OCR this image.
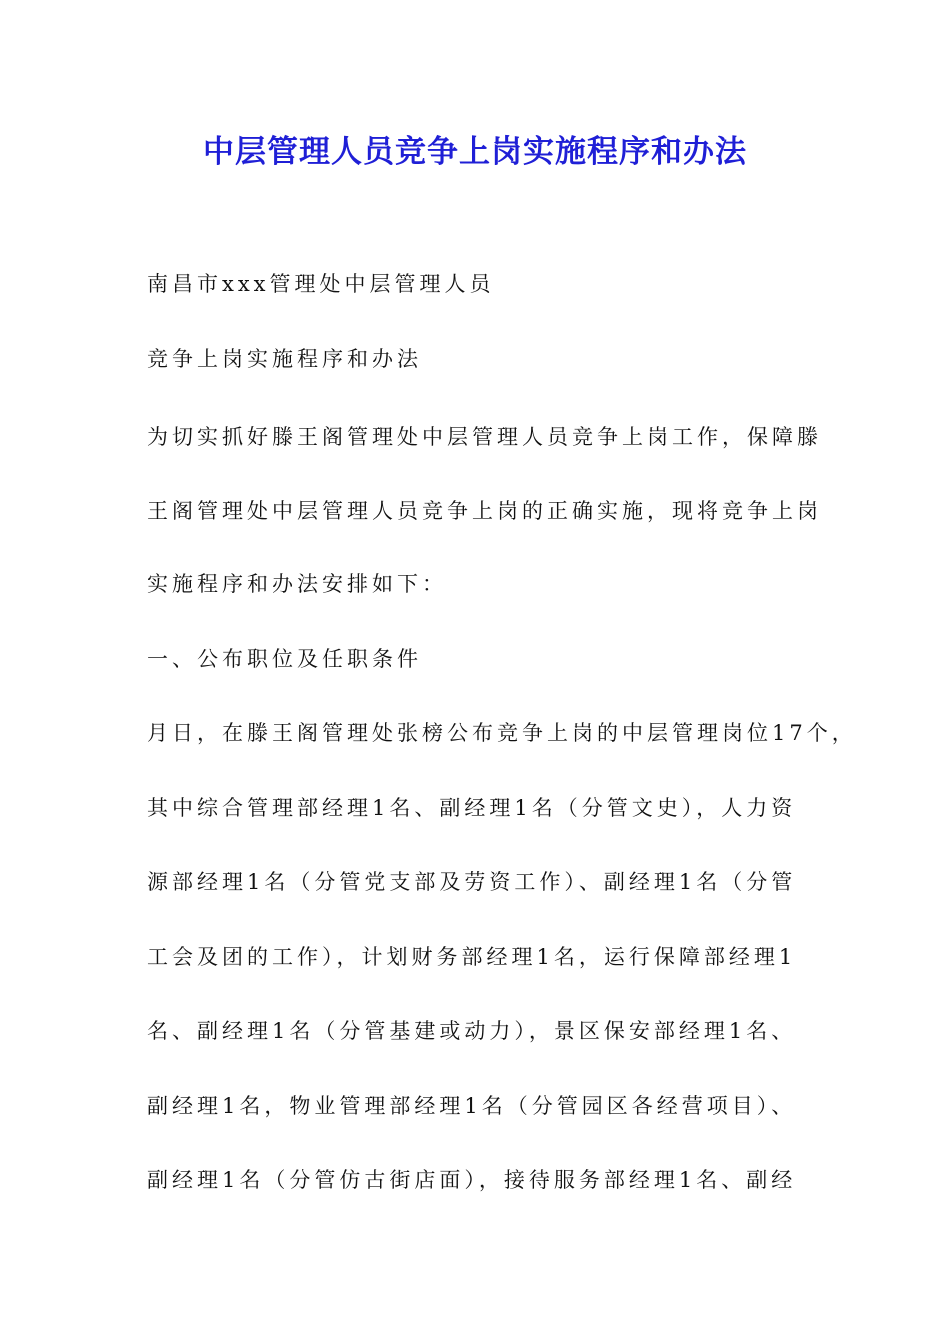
中层管理人员竞争上岗实施程序和办法
南昌市xxx管理处中层管理人员
竞争上岗实施程序和办法
为切实抓好滕王阁管理处中层管理人员竞争上岗工作，保障滕
王阁管理处中层管理人员竞争上岗的正确实施，现将竞争上岗
实施程序和办法安排如下：
一、公布职位及任职条件
月日，在滕王阁管理处张榜公布竞争上岗的中层管理岗位17个，
其中综合管理部经理1名、副经理1名（分管文史），人力资
源部经理1名（分管党支部及劳资工作）、副经理1名（分管
工会及团的工作），计划财务部经理1名，运行保障部经理1
名、副经理1名（分管基建或动力），景区保安部经理1名、
副经理1名，物业管理部经理1名（分管园区各经营项目）、
副经理1名（分管仿古街店面），接待服务部经理1名、副经
